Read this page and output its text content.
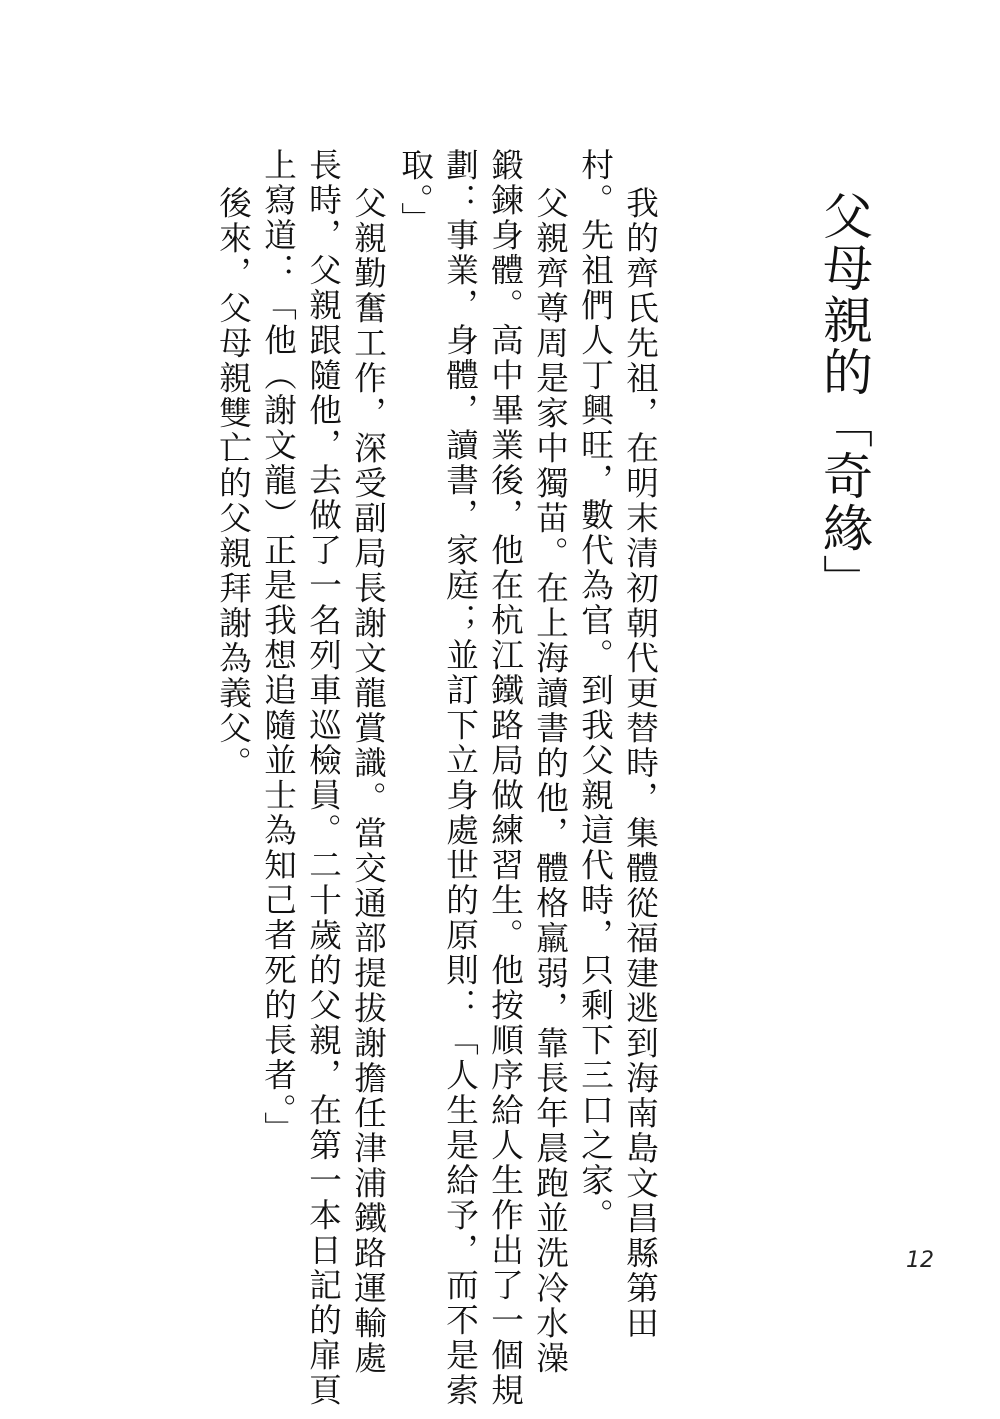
父母親的「奇緣」

我的齊氏先祖，在明末清初朝代更替時，集體從福建逃到海南島文昌縣第田
村。先祖們人丁興旺，數代為官。到我父親這代時，只剩下三口之家。

父親齊尊周是家中獨苗。在上海讀書的他，體格羸弱，靠長年晨跑並洗冷水澡
鍛鍊身體。高中畢業後，他在杭江鐵路局做練習生。他按順序給人生作出了一個規
劃：事業，身體，讀書，家庭；並訂下立身處世的原則：「人生是給予，而不是索
取。」

父親勤奮工作，深受副局長謝文龍賞識。當交通部提拔謝擔任津浦鐵路運輸處
長時，父親跟隨他，去做了一名列車巡檢員。二十歲的父親，在第一本日記的扉頁
上寫道：「他（謝文龍）正是我想追隨並士為知己者死的長者。」

後來，父母親雙亡的父親拜謝為義父。

12
